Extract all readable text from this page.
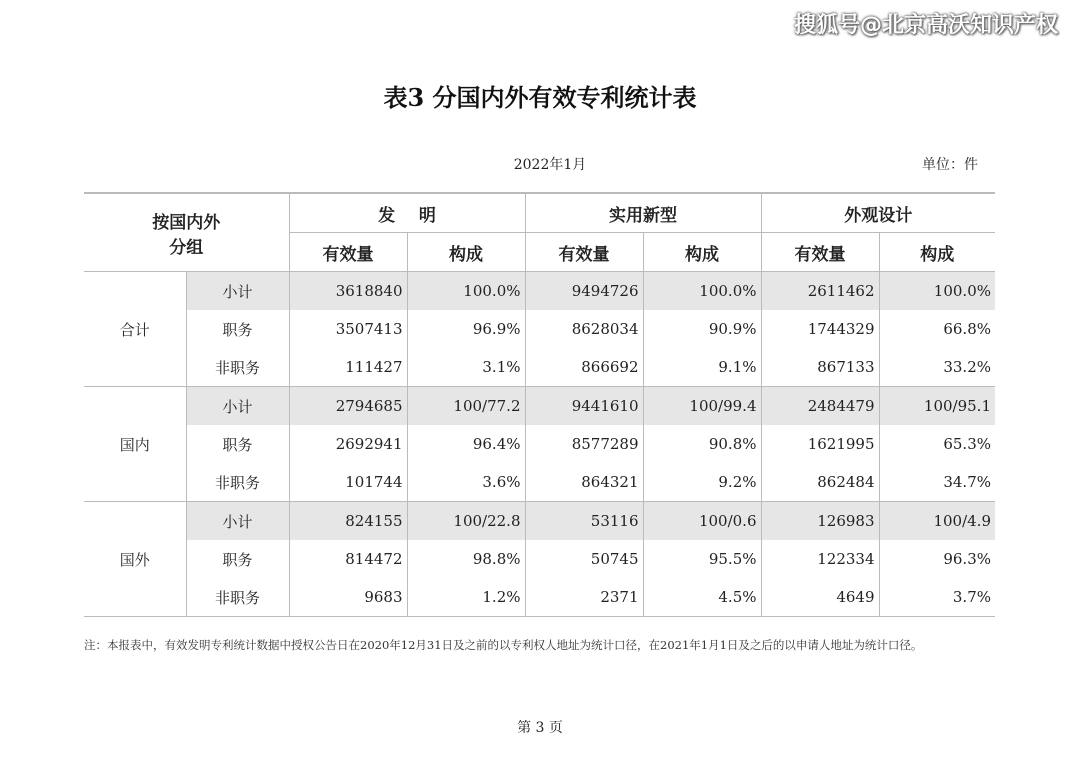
搜狐号@北京高沃知识产权
表3 分国内外有效专利统计表
2022年1月	单位：件
按国内外
分组		发    明		实用新型		外观设计	
		有效量	构成	有效量	构成	有效量	构成
合计	小计	3618840	100.0%	9494726	100.0%	2611462	100.0%
	职务	3507413	96.9%	8628034	90.9%	1744329	66.8%
	非职务	111427	3.1%	866692	9.1%	867133	33.2%
国内	小计	2794685	100/77.2	9441610	100/99.4	2484479	100/95.1
	职务	2692941	96.4%	8577289	90.8%	1621995	65.3%
	非职务	101744	3.6%	864321	9.2%	862484	34.7%
国外	小计	824155	100/22.8	53116	100/0.6	126983	100/4.9
	职务	814472	98.8%	50745	95.5%	122334	96.3%
	非职务	9683	1.2%	2371	4.5%	4649	3.7%
注：本报表中，有效发明专利统计数据中授权公告日在2020年12月31日及之前的以专利权人地址为统计口径，在2021年1月1日及之后的以申请人地址为统计口径。
第 3 页
